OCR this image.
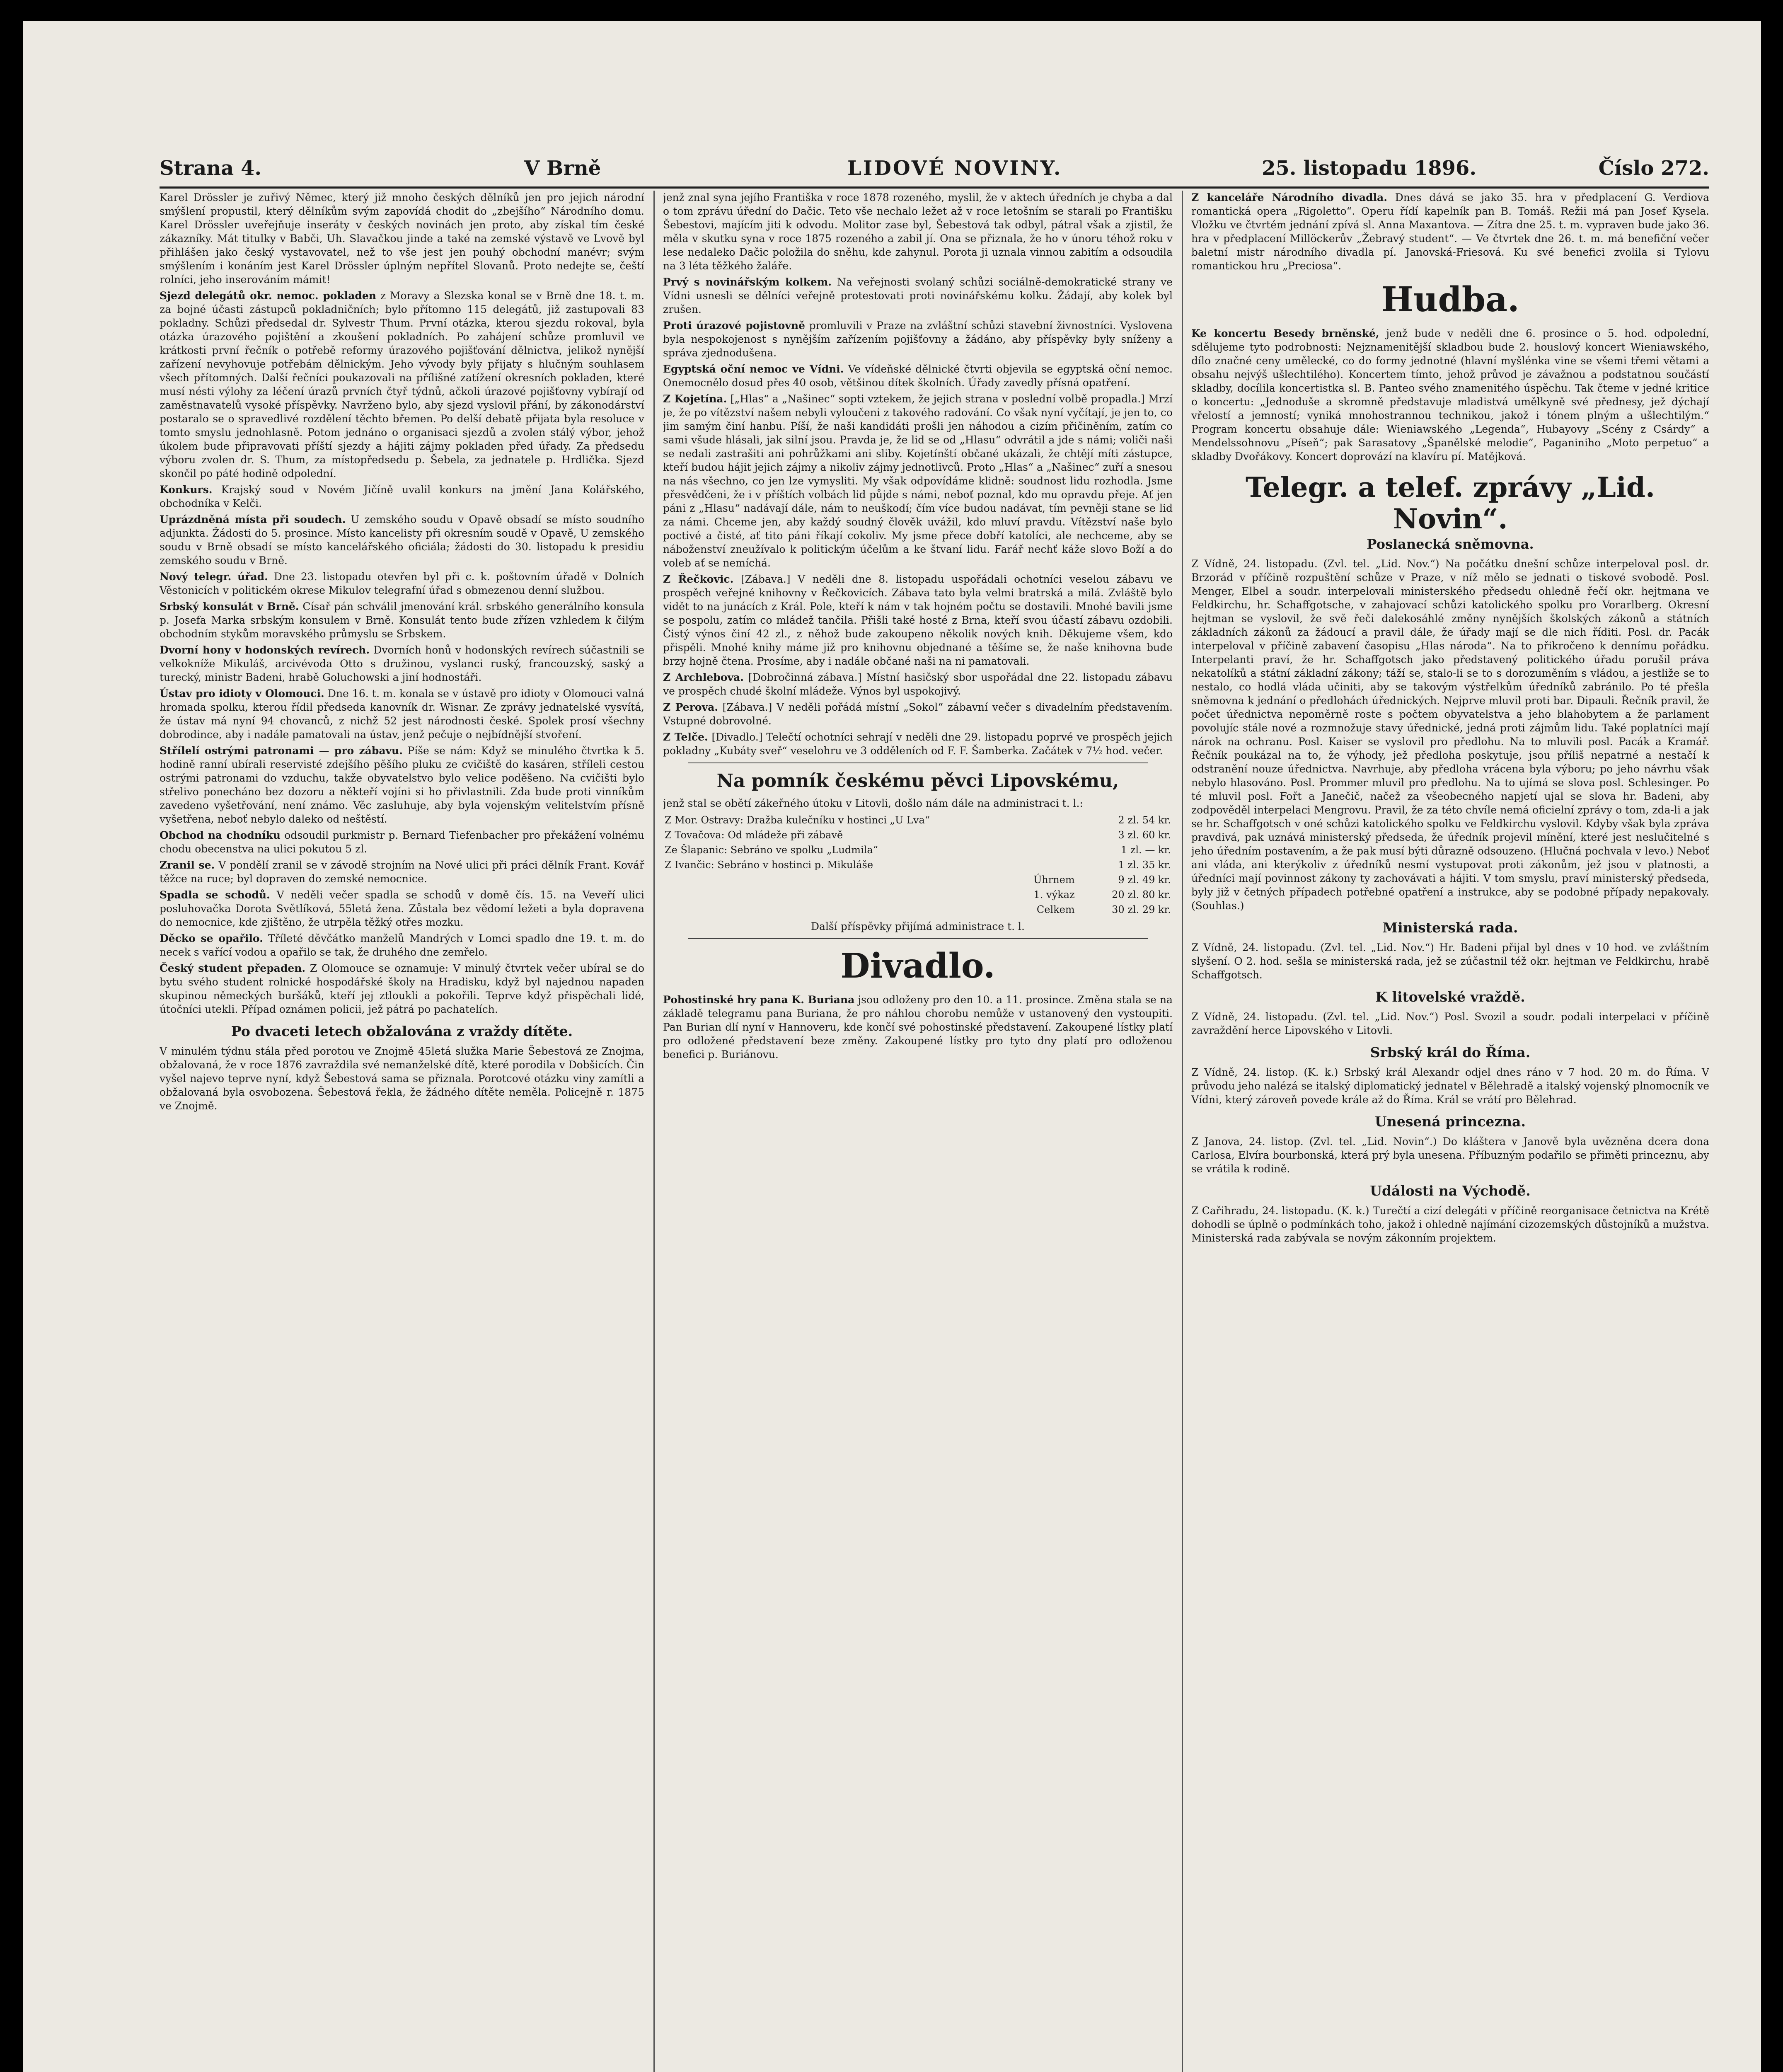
Strana 4.	V Brně	LIDOVÉ NOVINY.	25. listopadu 1896.	Číslo 272.

Karel Drössler je zuřivý Němec, který již mnoho českých dělníků jen pro jejich národní smýšlení propustil, který dělníkům svým zapovídá chodit do „zbejšího“ Národního domu. Karel Drössler uveřejňuje inseráty v českých novinách jen proto, aby získal tím české zákazníky. Mát titulky v Babči, Uh. Slavačkou jinde a také na zemské výstavě ve Lvově byl přihlášen jako český vystavovatel, než to vše jest jen pouhý obchodní manévr; svým smýšlením i konáním jest Karel Drössler úplným nepřítel Slovanů. Proto nedejte se, čeští rolníci, jeho inserováním mámit!

Sjezd delegátů okr. nemoc. pokladen z Moravy a Slezska konal se v Brně dne 18. t. m. za bojné účasti zástupců pokladničních; bylo přítomno 115 delegátů, již zastupovali 83 pokladny. Schůzi předsedal dr. Sylvestr Thum. První otázka, kterou sjezdu rokoval, byla otázka úrazového pojištění a zkoušení pokladních. Po zahájení schůze promluvil ve krátkosti první řečník o potřebě reformy úrazového pojišťování dělnictva, jelikož nynější zařízení nevyhovuje potřebám dělnickým. Jeho vývody byly přijaty s hlučným souhlasem všech přítomných. Další řečníci poukazovali na přílišné zatížení okresních pokladen, které musí nésti výlohy za léčení úrazů prvních čtyř týdnů, ačkoli úrazové pojišťovny vybírají od zaměstnavatelů vysoké příspěvky. Navrženo bylo, aby sjezd vyslovil přání, by zákonodárství postaralo se o spravedlivé rozdělení těchto břemen. Po delší debatě přijata byla resoluce v tomto smyslu jednohlasně. Potom jednáno o organisaci sjezdů a zvolen stálý výbor, jehož úkolem bude připravovati příští sjezdy a hájiti zájmy pokladen před úřady. Za předsedu výboru zvolen dr. S. Thum, za místopředsedu p. Šebela, za jednatele p. Hrdlička. Sjezd skončil po páté hodině odpolední.

Konkurs. Krajský soud v Novém Jičíně uvalil konkurs na jmění Jana Kolářského, obchodníka v Kelči.

Uprázdněná místa při soudech. U zemského soudu v Opavě obsadí se místo soudního adjunkta. Žádosti do 5. prosince. Místo kancelisty při okresním soudě v Opavě, U zemského soudu v Brně obsadí se místo kancelářského oficiála; žádosti do 30. listopadu k presidiu zemského soudu v Brně.

Nový telegr. úřad. Dne 23. listopadu otevřen byl při c. k. poštovním úřadě v Dolních Věstonicích v politickém okrese Mikulov telegrafní úřad s obmezenou denní službou.

Srbský konsulát v Brně. Císař pán schválil jmenování král. srbského generálního konsula p. Josefa Marka srbským konsulem v Brně. Konsulát tento bude zřízen vzhledem k čilým obchodním stykům moravského průmyslu se Srbskem.

Dvorní hony v hodonských revírech. Dvorních honů v hodonských revírech súčastnili se velkokníže Mikuláš, arcivévoda Otto s družinou, vyslanci ruský, francouzský, saský a turecký, ministr Badeni, hrabě Goluchowski a jiní hodnostáři.

Ústav pro idioty v Olomouci. Dne 16. t. m. konala se v ústavě pro idioty v Olomouci valná hromada spolku, kterou řídil předseda kanovník dr. Wisnar. Ze zprávy jednatelské vysvítá, že ústav má nyní 94 chovanců, z nichž 52 jest národnosti české. Spolek prosí všechny dobrodince, aby i nadále pamatovali na ústav, jenž pečuje o nejbídnější stvoření.

Střílelí ostrými patronami — pro zábavu. Píše se nám: Když se minulého čtvrtka k 5. hodině ranní ubírali reservisté zdejšího pěšího pluku ze cvičiště do kasáren, stříleli cestou ostrými patronami do vzduchu, takže obyvatelstvo bylo velice poděšeno. Na cvičišti bylo střelivo ponecháno bez dozoru a někteří vojíni si ho přivlastnili. Zda bude proti vinníkům zavedeno vyšetřování, není známo. Věc zasluhuje, aby byla vojenským velitelstvím přísně vyšetřena, neboť nebylo daleko od neštěstí.

Obchod na chodníku odsoudil purkmistr p. Bernard Tiefenbacher pro překážení volnému chodu obecenstva na ulici pokutou 5 zl.

Zranil se. V pondělí zranil se v závodě strojním na Nové ulici při práci dělník Frant. Kovář těžce na ruce; byl dopraven do zemské nemocnice.

Spadla se schodů. V neděli večer spadla se schodů v domě čís. 15. na Veveří ulici posluhovačka Dorota Světlíková, 55letá žena. Zůstala bez vědomí ležeti a byla dopravena do nemocnice, kde zjištěno, že utrpěla těžký otřes mozku.

Děcko se opařilo. Tříleté děvčátko manželů Mandrých v Lomci spadlo dne 19. t. m. do necek s vařící vodou a opařilo se tak, že druhého dne zemřelo.

Český student přepaden. Z Olomouce se oznamuje: V minulý čtvrtek večer ubíral se do bytu svého student rolnické hospodářské školy na Hradisku, když byl najednou napaden skupinou německých buršáků, kteří jej ztloukli a pokořili. Teprve když přispěchali lidé, útočníci utekli. Případ oznámen policii, jež pátrá po pachatelích.

Po dvaceti letech obžalována z vraždy dítěte.

V minulém týdnu stála před porotou ve Znojmě 45letá služka Marie Šebestová ze Znojma, obžalovaná, že v roce 1876 zavraždila své nemanželské dítě, které porodila v Dobšicích. Čin vyšel najevo teprve nyní, když Šebestová sama se přiznala. Porotcové otázku viny zamítli a obžalovaná byla osvobozena. Šebestová řekla, že žádného dítěte neměla. Policejně r. 1875 ve Znojmě.

jenž znal syna jejího Františka v roce 1878 rozeného, myslil, že v aktech úředních je chyba a dal o tom zprávu úřední do Dačic. Teto vše nechalo ležet až v roce letošním se starali po Františku Šebestovi, majícím jiti k odvodu. Molitor zase byl, Šebestová tak odbyl, pátral však a zjistil, že měla v skutku syna v roce 1875 rozeného a zabil jí. Ona se přiznala, že ho v únoru téhož roku v lese nedaleko Dačic položila do sněhu, kde zahynul. Porota ji uznala vinnou zabitím a odsoudila na 3 léta těžkého žaláře.

Prvý s novinářským kolkem. Na veřejnosti svolaný schůzi sociálně-demokratické strany ve Vídni usnesli se dělníci veřejně protestovati proti novinářskému kolku. Žádají, aby kolek byl zrušen.

Proti úrazové pojistovně promluvili v Praze na zvláštní schůzi stavební živnostníci. Vyslovena byla nespokojenost s nynějším zařízením pojišťovny a žádáno, aby příspěvky byly sníženy a správa zjednodušena.

Egyptská oční nemoc ve Vídni. Ve vídeňské dělnické čtvrti objevila se egyptská oční nemoc. Onemocnělo dosud přes 40 osob, většinou dítek školních. Úřady zavedly přísná opatření.

Z Kojetína. [„Hlas“ a „Našinec“ sopti vztekem, že jejich strana v poslední volbě propadla.] Mrzí je, že po vítězství našem nebyli vyloučeni z takového radování. Co však nyní vyčítají, je jen to, co jim samým činí hanbu. Píší, že naši kandidáti prošli jen náhodou a cizím přičiněním, zatím co sami všude hlásali, jak silní jsou. Pravda je, že lid se od „Hlasu“ odvrátil a jde s námi; voliči naši se nedali zastrašiti ani pohrůžkami ani sliby. Kojetínští občané ukázali, že chtějí míti zástupce, kteří budou hájit jejich zájmy a nikoliv zájmy jednotlivců. Proto „Hlas“ a „Našinec“ zuří a snesou na nás všechno, co jen lze vymysliti. My však odpovídáme klidně: soudnost lidu rozhodla. Jsme přesvědčeni, že i v příštích volbách lid půjde s námi, neboť poznal, kdo mu opravdu přeje. Ať jen páni z „Hlasu“ nadávají dále, nám to neuškodí; čím více budou nadávat, tím pevněji stane se lid za námi. Chceme jen, aby každý soudný člověk uvážil, kdo mluví pravdu. Vítězství naše bylo poctivé a čisté, ať tito páni říkají cokoliv. My jsme přece dobří katolíci, ale nechceme, aby se náboženství zneužívalo k politickým účelům a ke štvaní lidu. Farář nechť káže slovo Boží a do voleb ať se nemíchá.

Z Řečkovic. [Zábava.] V neděli dne 8. listopadu uspořádali ochotníci veselou zábavu ve prospěch veřejné knihovny v Řečkovicích. Zábava tato byla velmi bratrská a milá. Zvláště bylo vidět to na junácích z Král. Pole, kteří k nám v tak hojném počtu se dostavili. Mnohé bavili jsme se pospolu, zatím co mládež tančila. Přišli také hosté z Brna, kteří svou účastí zábavu ozdobili. Čistý výnos činí 42 zl., z něhož bude zakoupeno několik nových knih. Děkujeme všem, kdo přispěli. Mnohé knihy máme již pro knihovnu objednané a těšíme se, že naše knihovna bude brzy hojně čtena. Prosíme, aby i nadále občané naši na ni pamatovali.

Z Archlebova. [Dobročinná zábava.] Místní hasičský sbor uspořádal dne 22. listopadu zábavu ve prospěch chudé školní mládeže. Výnos byl uspokojivý.

Z Perova. [Zábava.] V neděli pořádá místní „Sokol“ zábavní večer s divadelním představením. Vstupné dobrovolné.

Z Telče. [Divadlo.] Telečtí ochotníci sehrají v neděli dne 29. listopadu poprvé ve prospěch jejich pokladny „Kubáty sveř“ veselohru ve 3 odděleních od F. F. Šamberka. Začátek v 7½ hod. večer.

Na pomník českému pěvci Lipovskému,

jenž stal se obětí zákeřného útoku v Litovli, došlo nám dále na administraci t. l.:

Z Mor. Ostravy: Dražba kulečníku v hostinci „U Lva“	2 zl. 54 kr.
Z Tovačova: Od mládeže při zábavě	3 zl. 60 kr.
Ze Šlapanic: Sebráno ve spolku „Ludmila“	1 zl. — kr.
Z Ivančic: Sebráno v hostinci p. Mikuláše	1 zl. 35 kr.
Úhrnem	9 zl. 49 kr.
1. výkaz	20 zl. 80 kr.
Celkem	30 zl. 29 kr.

Další příspěvky přijímá administrace t. l.

Divadlo.

Pohostinské hry pana K. Buriana jsou odloženy pro den 10. a 11. prosince. Změna stala se na základě telegramu pana Buriana, že pro náhlou chorobu nemůže v ustanovený den vystoupiti. Pan Burian dlí nyní v Hannoveru, kde končí své pohostinské představení. Zakoupené lístky platí pro odložené představení beze změny. Zakoupené lístky pro tyto dny platí pro odloženou benefici p. Buriánovu.

Z kanceláře Národního divadla. Dnes dává se jako 35. hra v předplacení G. Verdiova romantická opera „Rigoletto“. Operu řídí kapelník pan B. Tomáš. Režii má pan Josef Kysela. Vložku ve čtvrtém jednání zpívá sl. Anna Maxantova. — Zítra dne 25. t. m. vypraven bude jako 36. hra v předplacení Millöckerův „Žebravý student“. — Ve čtvrtek dne 26. t. m. má benefiční večer baletní mistr národního divadla pí. Janovská-Friesová. Ku své benefici zvolila si Tylovu romantickou hru „Preciosa“.

Hudba.

Ke koncertu Besedy brněnské, jenž bude v neděli dne 6. prosince o 5. hod. odpolední, sdělujeme tyto podrobnosti: Nejznamenitější skladbou bude 2. houslový koncert Wieniawského, dílo značné ceny umělecké, co do formy jednotné (hlavní myšlénka vine se všemi třemi větami a obsahu nejvýš ušlechtilého). Koncertem tímto, jehož průvod je závažnou a podstatnou součástí skladby, docílila koncertistka sl. B. Panteo svého znamenitého úspěchu. Tak čteme v jedné kritice o koncertu: „Jednoduše a skromně představuje mladistvá umělkyně své přednesy, jež dýchají vřelostí a jemností; vyniká mnohostrannou technikou, jakož i tónem plným a ušlechtilým.“ Program koncertu obsahuje dále: Wieniawského „Legenda“, Hubayovy „Scény z Csárdy“ a Mendelssohnovu „Píseň“; pak Sarasatovy „Španělské melodie“, Paganiniho „Moto perpetuo“ a skladby Dvořákovy. Koncert doprovází na klavíru pí. Matějková.

Telegr. a telef. zprávy „Lid. Novin“.
Poslanecká sněmovna.

Z Vídně, 24. listopadu. (Zvl. tel. „Lid. Nov.“) Na počátku dnešní schůze interpeloval posl. dr. Brzorád v příčině rozpuštění schůze v Praze, v níž mělo se jednati o tiskové svobodě. Posl. Menger, Elbel a soudr. interpelovali ministerského předsedu ohledně řečí okr. hejtmana ve Feldkirchu, hr. Schaffgotsche, v zahajovací schůzi katolického spolku pro Vorarlberg. Okresní hejtman se vyslovil, že svě řeči dalekosáhlé změny nynějších školských zákonů a státních základních zákonů za žádoucí a pravil dále, že úřady mají se dle nich říditi. Posl. dr. Pacák interpeloval v příčině zabavení časopisu „Hlas národa“. Na to přikročeno k dennímu pořádku. Interpelanti praví, že hr. Schaffgotsch jako představený politického úřadu porušil práva nekatolíků a státní základní zákony; táží se, stalo-li se to s dorozuměním s vládou, a jestliže se to nestalo, co hodlá vláda učiniti, aby se takovým výstřelkům úředníků zabránilo. Po té přešla sněmovna k jednání o předlohách úřednických. Nejprve mluvil proti bar. Dipauli. Řečník pravil, že počet úřednictva nepoměrně roste s počtem obyvatelstva a jeho blahobytem a že parlament povolujíc stále nové a rozmnožuje stavy úřednické, jedná proti zájmům lidu. Také poplatníci mají nárok na ochranu. Posl. Kaiser se vyslovil pro předlohu. Na to mluvili posl. Pacák a Kramář. Řečník poukázal na to, že výhody, jež předloha poskytuje, jsou příliš nepatrné a nestačí k odstranění nouze úřednictva. Navrhuje, aby předloha vrácena byla výboru; po jeho návrhu však nebylo hlasováno. Posl. Prommer mluvil pro předlohu. Na to ujímá se slova posl. Schlesinger. Po té mluvil posl. Fořt a Janečič, načež za všeobecného napjetí ujal se slova hr. Badeni, aby zodpověděl interpelaci Mengrovu. Pravil, že za této chvíle nemá oficielní zprávy o tom, zda-li a jak se hr. Schaffgotsch v oné schůzi katolického spolku ve Feldkirchu vyslovil. Kdyby však byla zpráva pravdivá, pak uznává ministerský předseda, že úředník projevil mínění, které jest neslučitelné s jeho úředním postavením, a že pak musí býti důrazně odsouzeno. (Hlučná pochvala v levo.) Neboť ani vláda, ani kterýkoliv z úředníků nesmí vystupovat proti zákonům, jež jsou v platnosti, a úředníci mají povinnost zákony ty zachovávati a hájiti. V tom smyslu, praví ministerský předseda, byly již v četných případech potřebné opatření a instrukce, aby se podobné případy nepakovaly. (Souhlas.)

Ministerská rada.

Z Vídně, 24. listopadu. (Zvl. tel. „Lid. Nov.“) Hr. Badeni přijal byl dnes v 10 hod. ve zvláštním slyšení. O 2. hod. sešla se ministerská rada, jež se zúčastnil též okr. hejtman ve Feldkirchu, hrabě Schaffgotsch.

K litovelské vraždě.

Z Vídně, 24. listopadu. (Zvl. tel. „Lid. Nov.“) Posl. Svozil a soudr. podali interpelaci v příčině zavraždění herce Lipovského v Litovli.

Srbský král do Říma.

Z Vídně, 24. listop. (K. k.) Srbský král Alexandr odjel dnes ráno v 7 hod. 20 m. do Říma. V průvodu jeho nalézá se italský diplomatický jednatel v Bělehradě a italský vojenský plnomocník ve Vídni, který zároveň povede krále až do Říma. Král se vrátí pro Bělehrad.

Unesená princezna.

Z Janova, 24. listop. (Zvl. tel. „Lid. Novin“.) Do kláštera v Janově byla uvězněna dcera dona Carlosa, Elvíra bourbonská, která prý byla unesena. Příbuzným podařilo se přiměti princeznu, aby se vrátila k rodině.

Události na Východě.

Z Cařihradu, 24. listopadu. (K. k.) Turečtí a cizí delegáti v příčině reorganisace četnictva na Krétě dohodli se úplně o podmínkách toho, jakož i ohledně najímání cizozemských důstojníků a mužstva. Ministerská rada zabývala se novým zákonním projektem.
